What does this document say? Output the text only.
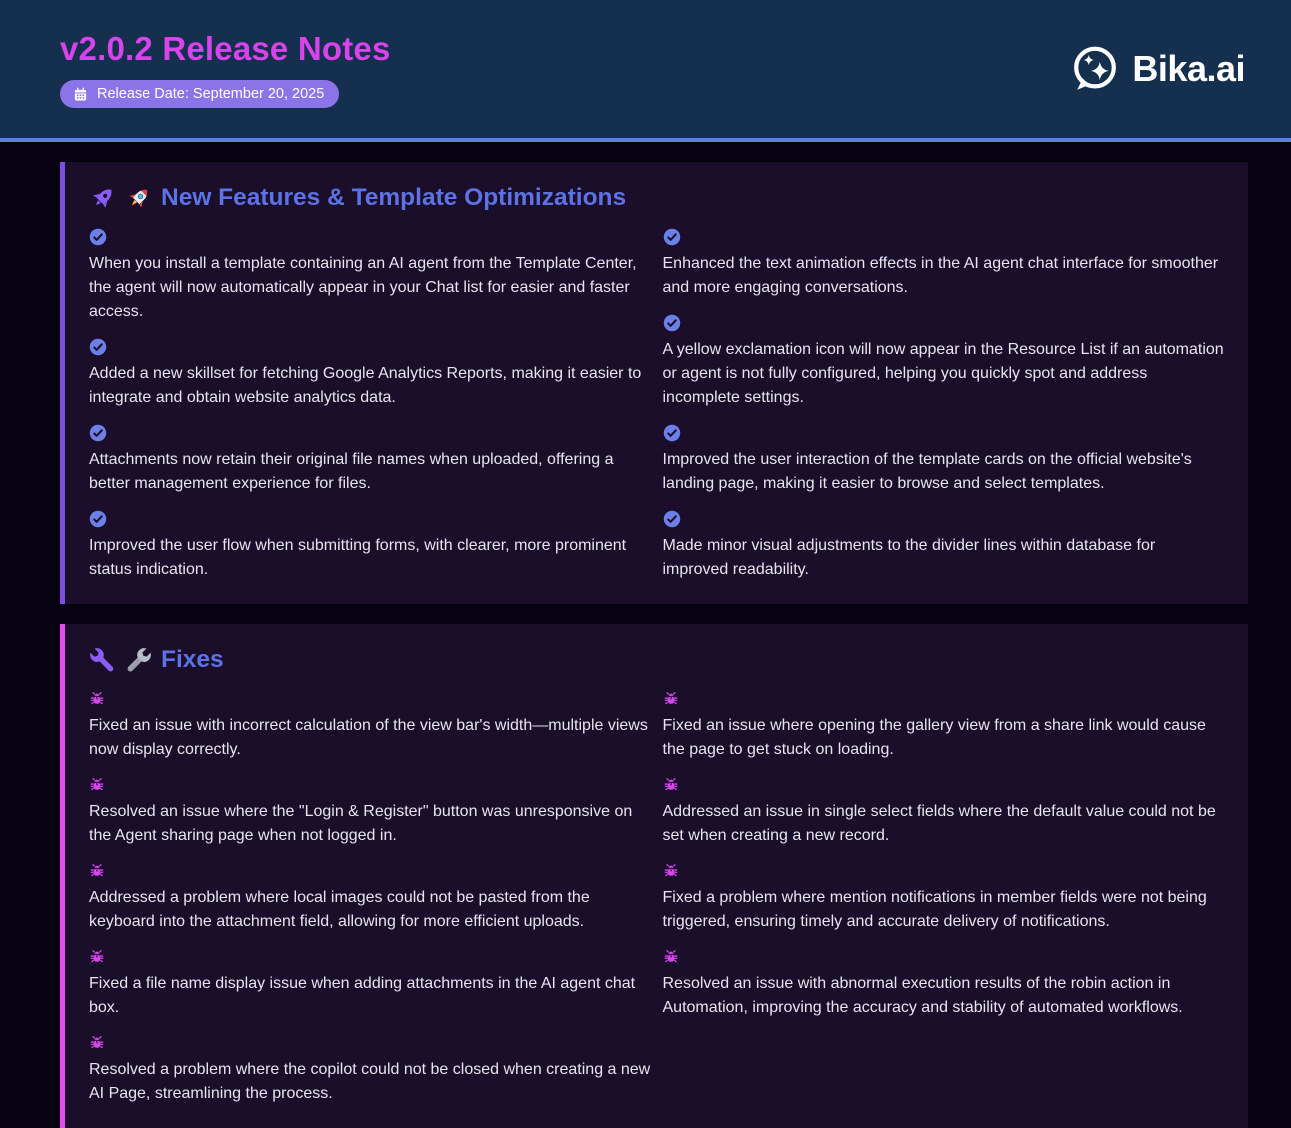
v2.0.2 Release Notes
Release Date: September 20, 2025
Bika.ai
New Features & Template Optimizations

When you install a template containing an AI agent from the Template Center, the agent will now automatically appear in your Chat list for easier and faster access.

Added a new skillset for fetching Google Analytics Reports, making it easier to integrate and obtain website analytics data.

Attachments now retain their original file names when uploaded, offering a better management experience for files.

Improved the user flow when submitting forms, with clearer, more prominent status indication.

Enhanced the text animation effects in the AI agent chat interface for smoother and more engaging conversations.

A yellow exclamation icon will now appear in the Resource List if an automation or agent is not fully configured, helping you quickly spot and address incomplete settings.

Improved the user interaction of the template cards on the official website's landing page, making it easier to browse and select templates.

Made minor visual adjustments to the divider lines within database for improved readability.

Fixes

Fixed an issue with incorrect calculation of the view bar's width—multiple views now display correctly.

Resolved an issue where the "Login & Register" button was unresponsive on the Agent sharing page when not logged in.

Addressed a problem where local images could not be pasted from the keyboard into the attachment field, allowing for more efficient uploads.

Fixed a file name display issue when adding attachments in the AI agent chat box.

Resolved a problem where the copilot could not be closed when creating a new AI Page, streamlining the process.

Fixed an issue where opening the gallery view from a share link would cause the page to get stuck on loading.

Addressed an issue in single select fields where the default value could not be set when creating a new record.

Fixed a problem where mention notifications in member fields were not being triggered, ensuring timely and accurate delivery of notifications.

Resolved an issue with abnormal execution results of the robin action in Automation, improving the accuracy and stability of automated workflows.
